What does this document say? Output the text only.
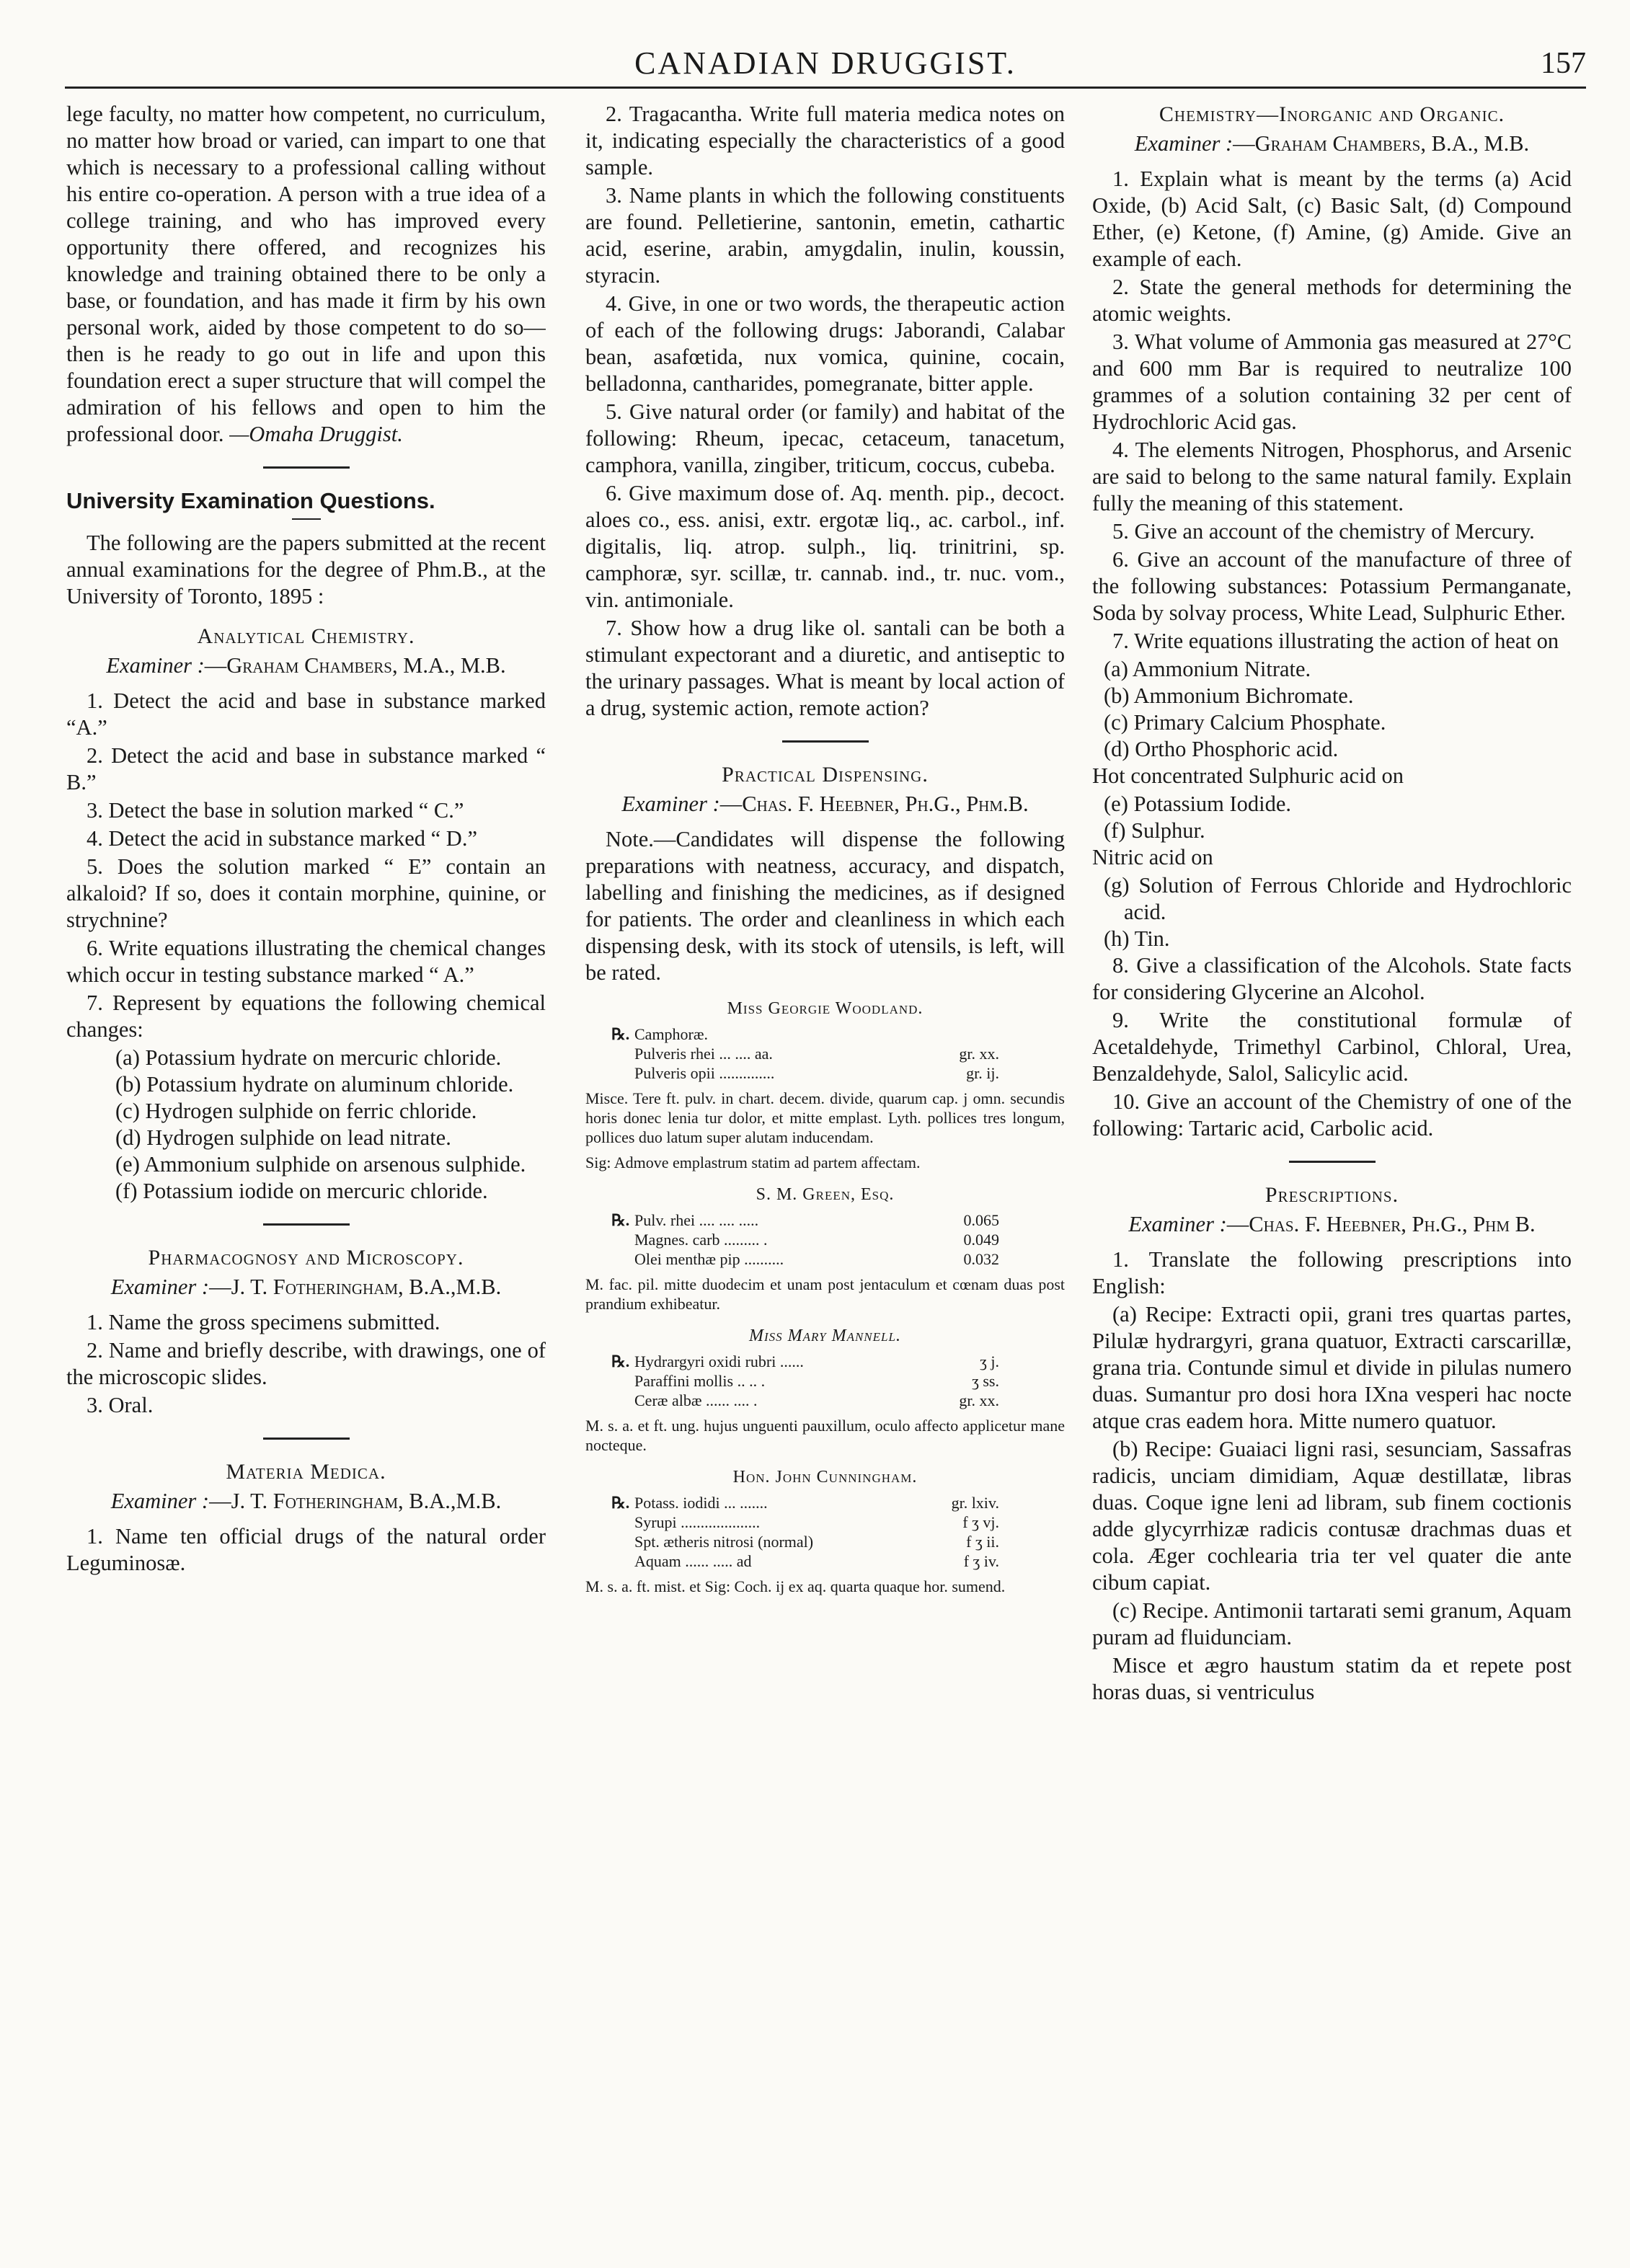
CANADIAN DRUGGIST.	157

lege faculty, no matter how competent, no curriculum, no matter how broad or varied, can impart to one that which is necessary to a professional calling without his entire co-operation. A person with a true idea of a college training, and who has improved every opportunity there offered, and recognizes his knowledge and training obtained there to be only a base, or foundation, and has made it firm by his own personal work, aided by those competent to do so—then is he ready to go out in life and upon this foundation erect a super structure that will compel the admiration of his fellows and open to him the professional door. —Omaha Druggist.

University Examination Questions.

The following are the papers submitted at the recent annual examinations for the degree of Phm.B., at the University of Toronto, 1895 :

Analytical Chemistry.
Examiner :—Graham Chambers, M.A., M.B.

1. Detect the acid and base in substance marked “A.”

2. Detect the acid and base in substance marked “ B.”

3. Detect the base in solution marked “ C.”

4. Detect the acid in substance marked “ D.”

5. Does the solution marked “ E” contain an alkaloid? If so, does it contain morphine, quinine, or strychnine?

6. Write equations illustrating the chemical changes which occur in testing substance marked “ A.”

7. Represent by equations the following chemical changes:

(a) Potassium hydrate on mercuric chloride.

(b) Potassium hydrate on aluminum chloride.

(c) Hydrogen sulphide on ferric chloride.

(d) Hydrogen sulphide on lead nitrate.

(e) Ammonium sulphide on arsenous sulphide.

(f) Potassium iodide on mercuric chloride.

Pharmacognosy and Microscopy.
Examiner :—J. T. Fotheringham, B.A.,M.B.

1. Name the gross specimens submitted.

2. Name and briefly describe, with drawings, one of the microscopic slides.

3. Oral.

Materia Medica.
Examiner :—J. T. Fotheringham, B.A.,M.B.

1. Name ten official drugs of the natural order Leguminosæ.

2. Tragacantha. Write full materia medica notes on it, indicating especially the characteristics of a good sample.

3. Name plants in which the following constituents are found. Pelletierine, santonin, emetin, cathartic acid, eserine, arabin, amygdalin, inulin, koussin, styracin.

4. Give, in one or two words, the therapeutic action of each of the following drugs: Jaborandi, Calabar bean, asafœtida, nux vomica, quinine, cocain, belladonna, cantharides, pomegranate, bitter apple.

5. Give natural order (or family) and habitat of the following: Rheum, ipecac, cetaceum, tanacetum, camphora, vanilla, zingiber, triticum, coccus, cubeba.

6. Give maximum dose of. Aq. menth. pip., decoct. aloes co., ess. anisi, extr. ergotæ liq., ac. carbol., inf. digitalis, liq. atrop. sulph., liq. trinitrini, sp. camphoræ, syr. scillæ, tr. cannab. ind., tr. nuc. vom., vin. antimoniale.

7. Show how a drug like ol. santali can be both a stimulant expectorant and a diuretic, and antiseptic to the urinary passages. What is meant by local action of a drug, systemic action, remote action?

Practical Dispensing.
Examiner :—Chas. F. Heebner, Ph.G., Phm.B.

Note.—Candidates will dispense the following preparations with neatness, accuracy, and dispatch, labelling and finishing the medicines, as if designed for patients. The order and cleanliness in which each dispensing desk, with its stock of utensils, is left, will be rated.

Miss Georgie Woodland.
℞.	Camphoræ.	
	Pulveris rhei ... .... aa.	gr. xx.
	Pulveris opii ..............	gr. ij.

Misce. Tere ft. pulv. in chart. decem. divide, quarum cap. j omn. secundis horis donec lenia tur dolor, et mitte emplast. Lyth. pollices tres longum, pollices duo latum super alutam inducendam.

Sig: Admove emplastrum statim ad partem affectam.

S. M. Green, Esq.
℞.	Pulv. rhei .... .... .....	0.065
	Magnes. carb ......... .	0.049
	Olei menthæ pip ..........	0.032

M. fac. pil. mitte duodecim et unam post jentaculum et cœnam duas post prandium exhibeatur.

Miss Mary Mannell.
℞.	Hydrargyri oxidi rubri ......	ʒ j.
	Paraffini mollis .. .. .	ʒ ss.
	Ceræ albæ ...... .... .	gr. xx.

M. s. a. et ft. ung. hujus unguenti pauxillum, oculo affecto applicetur mane nocteque.

Hon. John Cunningham.
℞.	Potass. iodidi ... .......	gr. lxiv.
	Syrupi ....................	f ʒ vj.
	Spt. ætheris nitrosi (normal)	f ʒ ii.
	Aquam ...... ..... ad	f ʒ iv.

M. s. a. ft. mist. et Sig: Coch. ij ex aq. quarta quaque hor. sumend.

Chemistry—Inorganic and Organic.
Examiner :—Graham Chambers, B.A., M.B.

1. Explain what is meant by the terms (a) Acid Oxide, (b) Acid Salt, (c) Basic Salt, (d) Compound Ether, (e) Ketone, (f) Amine, (g) Amide. Give an example of each.

2. State the general methods for determining the atomic weights.

3. What volume of Ammonia gas measured at 27°C and 600 mm Bar is required to neutralize 100 grammes of a solution containing 32 per cent of Hydrochloric Acid gas.

4. The elements Nitrogen, Phosphorus, and Arsenic are said to belong to the same natural family. Explain fully the meaning of this statement.

5. Give an account of the chemistry of Mercury.

6. Give an account of the manufacture of three of the following substances: Potassium Permanganate, Soda by solvay process, White Lead, Sulphuric Ether.

7. Write equations illustrating the action of heat on

(a) Ammonium Nitrate.

(b) Ammonium Bichromate.

(c) Primary Calcium Phosphate.

(d) Ortho Phosphoric acid.

Hot concentrated Sulphuric acid on

(e) Potassium Iodide.

(f) Sulphur.

Nitric acid on

(g) Solution of Ferrous Chloride and Hydrochloric acid.

(h) Tin.

8. Give a classification of the Alcohols. State facts for considering Glycerine an Alcohol.

9. Write the constitutional formulæ of Acetaldehyde, Trimethyl Carbinol, Chloral, Urea, Benzaldehyde, Salol, Salicylic acid.

10. Give an account of the Chemistry of one of the following: Tartaric acid, Carbolic acid.

Prescriptions.
Examiner :—Chas. F. Heebner, Ph.G., Phm B.

1. Translate the following prescriptions into English:

(a) Recipe: Extracti opii, grani tres quartas partes, Pilulæ hydrargyri, grana quatuor, Extracti carscarillæ, grana tria. Contunde simul et divide in pilulas numero duas. Sumantur pro dosi hora IXna vesperi hac nocte atque cras eadem hora. Mitte numero quatuor.

(b) Recipe: Guaiaci ligni rasi, sesunciam, Sassafras radicis, unciam dimidiam, Aquæ destillatæ, libras duas. Coque igne leni ad libram, sub finem coctionis adde glycyrrhizæ radicis contusæ drachmas duas et cola. Æger cochlearia tria ter vel quater die ante cibum capiat.

(c) Recipe. Antimonii tartarati semi granum, Aquam puram ad fluidunciam.

Misce et ægro haustum statim da et repete post horas duas, si ventriculus
